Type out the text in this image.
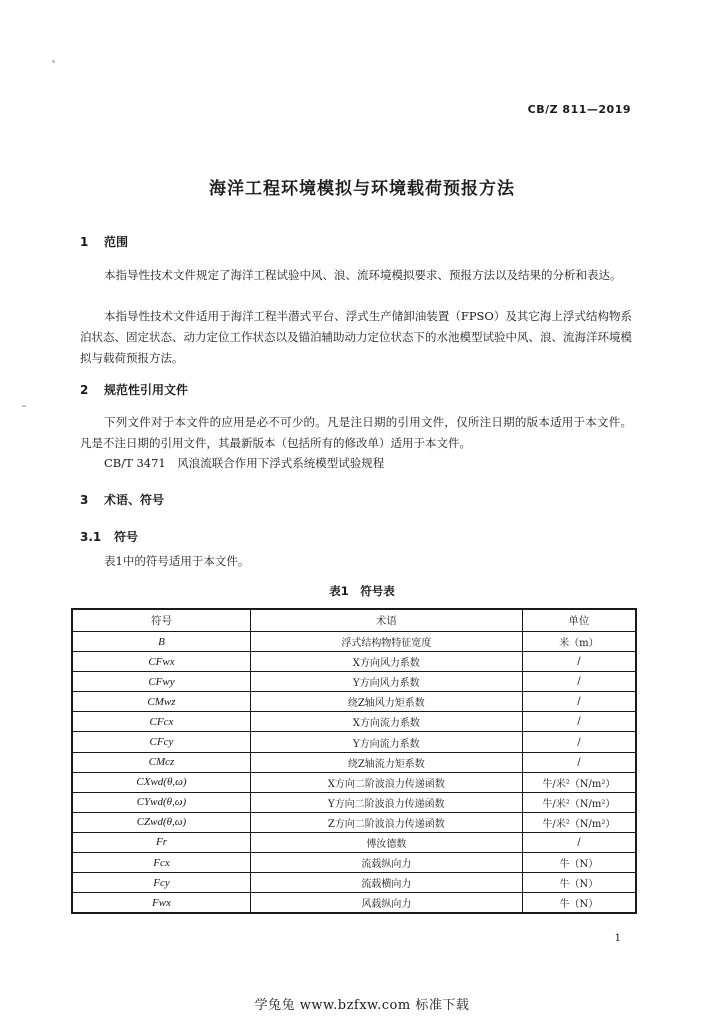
CB/Z 811—2019
海洋工程环境模拟与环境载荷预报方法
1 范围
本指导性技术文件规定了海洋工程试验中风、浪、流环境模拟要求、预报方法以及结果的分析和表达。
本指导性技术文件适用于海洋工程半潜式平台、浮式生产储卸油装置（FPSO）及其它海上浮式结构物系泊状态、固定状态、动力定位工作状态以及锚泊辅助动力定位状态下的水池模型试验中风、浪、流海洋环境模拟与载荷预报方法。
2 规范性引用文件
下列文件对于本文件的应用是必不可少的。凡是注日期的引用文件，仅所注日期的版本适用于本文件。凡是不注日期的引用文件，其最新版本（包括所有的修改单）适用于本文件。
CB/T 3471　风浪流联合作用下浮式系统模型试验规程
3 术语、符号
3.1 符号
表1中的符号适用于本文件。
表1　符号表
符号	术语	单位
B	浮式结构物特征宽度	米（m）
CFwx	X方向风力系数	/
CFwy	Y方向风力系数	/
CMwz	绕Z轴风力矩系数	/
CFcx	X方向流力系数	/
CFcy	Y方向流力系数	/
CMcz	绕Z轴流力矩系数	/
CXwd(θ,ω)	X方向二阶波浪力传递函数	牛/米²（N/m²）
CYwd(θ,ω)	Y方向二阶波浪力传递函数	牛/米²（N/m²）
CZwd(θ,ω)	Z方向二阶波浪力传递函数	牛/米²（N/m²）
Fr	傅汝德数	/
Fcx	流载纵向力	牛（N）
Fcy	流载横向力	牛（N）
Fwx	风载纵向力	牛（N）
1
学兔兔 www.bzfxw.com 标准下载
